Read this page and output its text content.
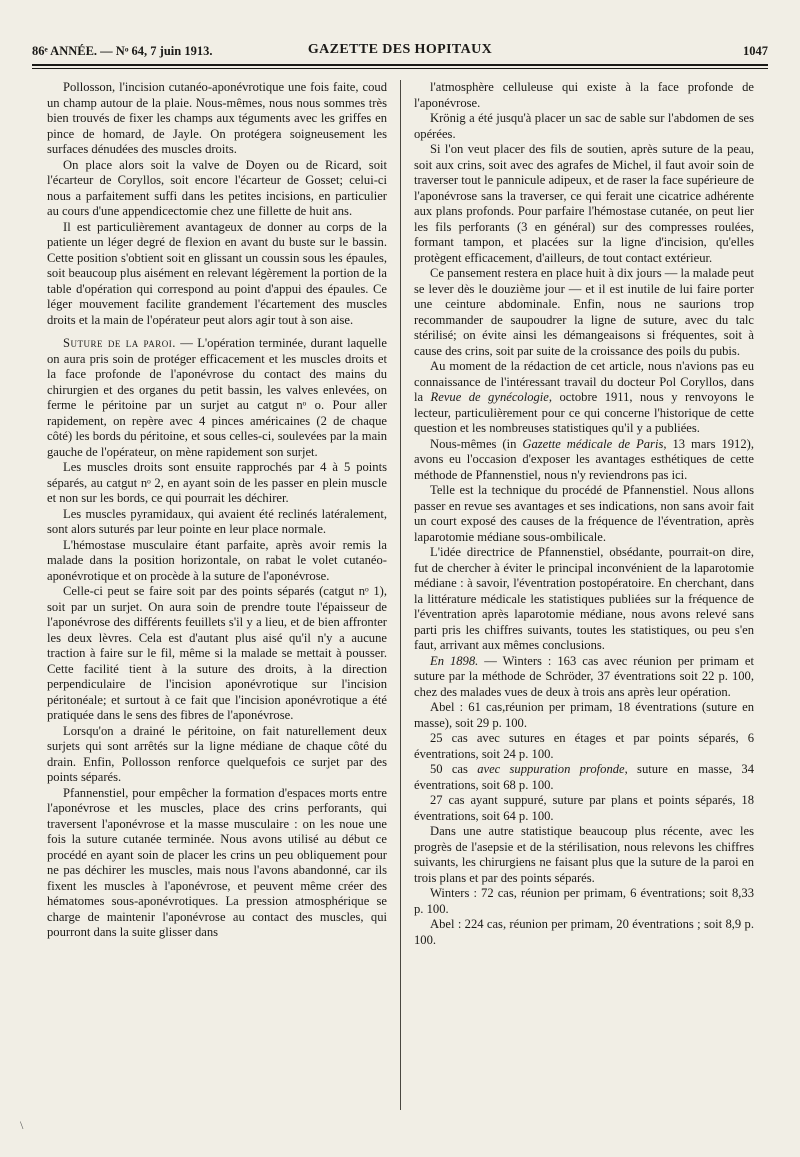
86ᵉ ANNÉE. — Nᵒ 64, 7 juin 1913.	GAZETTE DES HOPITAUX	1047

Pollosson, l'incision cutanéo-aponévrotique une fois faite, coud un champ autour de la plaie. Nous-mêmes, nous nous sommes très bien trouvés de fixer les champs aux téguments avec les griffes en pince de homard, de Jayle. On protégera soigneusement les surfaces dénudées des muscles droits.

On place alors soit la valve de Doyen ou de Ricard, soit l'écarteur de Coryllos, soit encore l'écarteur de Gosset; celui-ci nous a parfaitement suffi dans les petites incisions, en particulier au cours d'une appendicectomie chez une fillette de huit ans.

Il est particulièrement avantageux de donner au corps de la patiente un léger degré de flexion en avant du buste sur le bassin. Cette position s'obtient soit en glissant un coussin sous les épaules, soit beaucoup plus aisément en relevant légèrement la portion de la table d'opération qui correspond au point d'appui des épaules. Ce léger mouvement facilite grandement l'écartement des muscles droits et la main de l'opérateur peut alors agir tout à son aise.

Suture de la paroi. — L'opération terminée, durant laquelle on aura pris soin de protéger efficacement et les muscles droits et la face profonde de l'aponévrose du contact des mains du chirurgien et des organes du petit bassin, les valves enlevées, on ferme le péritoine par un surjet au catgut nᵒ o. Pour aller rapidement, on repère avec 4 pinces américaines (2 de chaque côté) les bords du péritoine, et sous celles-ci, soulevées par la main gauche de l'opérateur, on mène rapidement son surjet.

Les muscles droits sont ensuite rapprochés par 4 à 5 points séparés, au catgut nᵒ 2, en ayant soin de les passer en plein muscle et non sur les bords, ce qui pourrait les déchirer.

Les muscles pyramidaux, qui avaient été reclinés latéralement, sont alors suturés par leur pointe en leur place normale.

L'hémostase musculaire étant parfaite, après avoir remis la malade dans la position horizontale, on rabat le volet cutanéo-aponévrotique et on procède à la suture de l'aponévrose.

Celle-ci peut se faire soit par des points séparés (catgut nᵒ 1), soit par un surjet. On aura soin de prendre toute l'épaisseur de l'aponévrose des différents feuillets s'il y a lieu, et de bien affronter les deux lèvres. Cela est d'autant plus aisé qu'il n'y a aucune traction à faire sur le fil, même si la malade se mettait à pousser. Cette facilité tient à la suture des droits, à la direction perpendiculaire de l'incision aponévrotique sur l'incision péritonéale; et surtout à ce fait que l'incision aponévrotique a été pratiquée dans le sens des fibres de l'aponévrose.

Lorsqu'on a drainé le péritoine, on fait naturellement deux surjets qui sont arrêtés sur la ligne médiane de chaque côté du drain. Enfin, Pollosson renforce quelquefois ce surjet par des points séparés.

Pfannenstiel, pour empêcher la formation d'espaces morts entre l'aponévrose et les muscles, place des crins perforants, qui traversent l'aponévrose et la masse musculaire : on les noue une fois la suture cutanée terminée. Nous avons utilisé au début ce procédé en ayant soin de placer les crins un peu obliquement pour ne pas déchirer les muscles, mais nous l'avons abandonné, car ils fixent les muscles à l'aponévrose, et peuvent même créer des hématomes sous-aponévrotiques. La pression atmosphérique se charge de maintenir l'aponévrose au contact des muscles, qui pourront dans la suite glisser dans

l'atmosphère celluleuse qui existe à la face profonde de l'aponévrose.

Krönig a été jusqu'à placer un sac de sable sur l'abdomen de ses opérées.

Si l'on veut placer des fils de soutien, après suture de la peau, soit aux crins, soit avec des agrafes de Michel, il faut avoir soin de traverser tout le pannicule adipeux, et de raser la face supérieure de l'aponévrose sans la traverser, ce qui ferait une cicatrice adhérente aux plans profonds. Pour parfaire l'hémostase cutanée, on peut lier les fils perforants (3 en général) sur des compresses roulées, formant tampon, et placées sur la ligne d'incision, qu'elles protègent efficacement, d'ailleurs, de tout contact extérieur.

Ce pansement restera en place huit à dix jours — la malade peut se lever dès le douzième jour — et il est inutile de lui faire porter une ceinture abdominale. Enfin, nous ne saurions trop recommander de saupoudrer la ligne de suture, avec du talc stérilisé; on évite ainsi les démangeaisons si fréquentes, soit à cause des crins, soit par suite de la croissance des poils du pubis.

Au moment de la rédaction de cet article, nous n'avions pas eu connaissance de l'intéressant travail du docteur Pol Coryllos, dans la Revue de gynécologie, octobre 1911, nous y renvoyons le lecteur, particulièrement pour ce qui concerne l'historique de cette question et les nombreuses statistiques qu'il y a publiées.

Nous-mêmes (in Gazette médicale de Paris, 13 mars 1912), avons eu l'occasion d'exposer les avantages esthétiques de cette méthode de Pfannenstiel, nous n'y reviendrons pas ici.

Telle est la technique du procédé de Pfannenstiel. Nous allons passer en revue ses avantages et ses indications, non sans avoir fait un court exposé des causes de la fréquence de l'éventration, après laparotomie médiane sous-ombilicale.

L'idée directrice de Pfannenstiel, obsédante, pourrait-on dire, fut de chercher à éviter le principal inconvénient de la laparotomie médiane : à savoir, l'éventration postopératoire. En cherchant, dans la littérature médicale les statistiques publiées sur la fréquence de l'éventration après laparotomie médiane, nous avons relevé sans parti pris les chiffres suivants, toutes les statistiques, ou peu s'en faut, arrivant aux mêmes conclusions.

En 1898. — Winters : 163 cas avec réunion per primam et suture par la méthode de Schröder, 37 éventrations soit 22 p. 100, chez des malades vues de deux à trois ans après leur opération.

Abel : 61 cas,réunion per primam, 18 éventrations (suture en masse), soit 29 p. 100.

25 cas avec sutures en étages et par points séparés, 6 éventrations, soit 24 p. 100.

50 cas avec suppuration profonde, suture en masse, 34 éventrations, soit 68 p. 100.

27 cas ayant suppuré, suture par plans et points séparés, 18 éventrations, soit 64 p. 100.

Dans une autre statistique beaucoup plus récente, avec les progrès de l'asepsie et de la stérilisation, nous relevons les chiffres suivants, les chirurgiens ne faisant plus que la suture de la paroi en trois plans et par des points séparés.

Winters : 72 cas, réunion per primam, 6 éventrations; soit 8,33 p. 100.

Abel : 224 cas, réunion per primam, 20 éventrations ; soit 8,9 p. 100.

\
